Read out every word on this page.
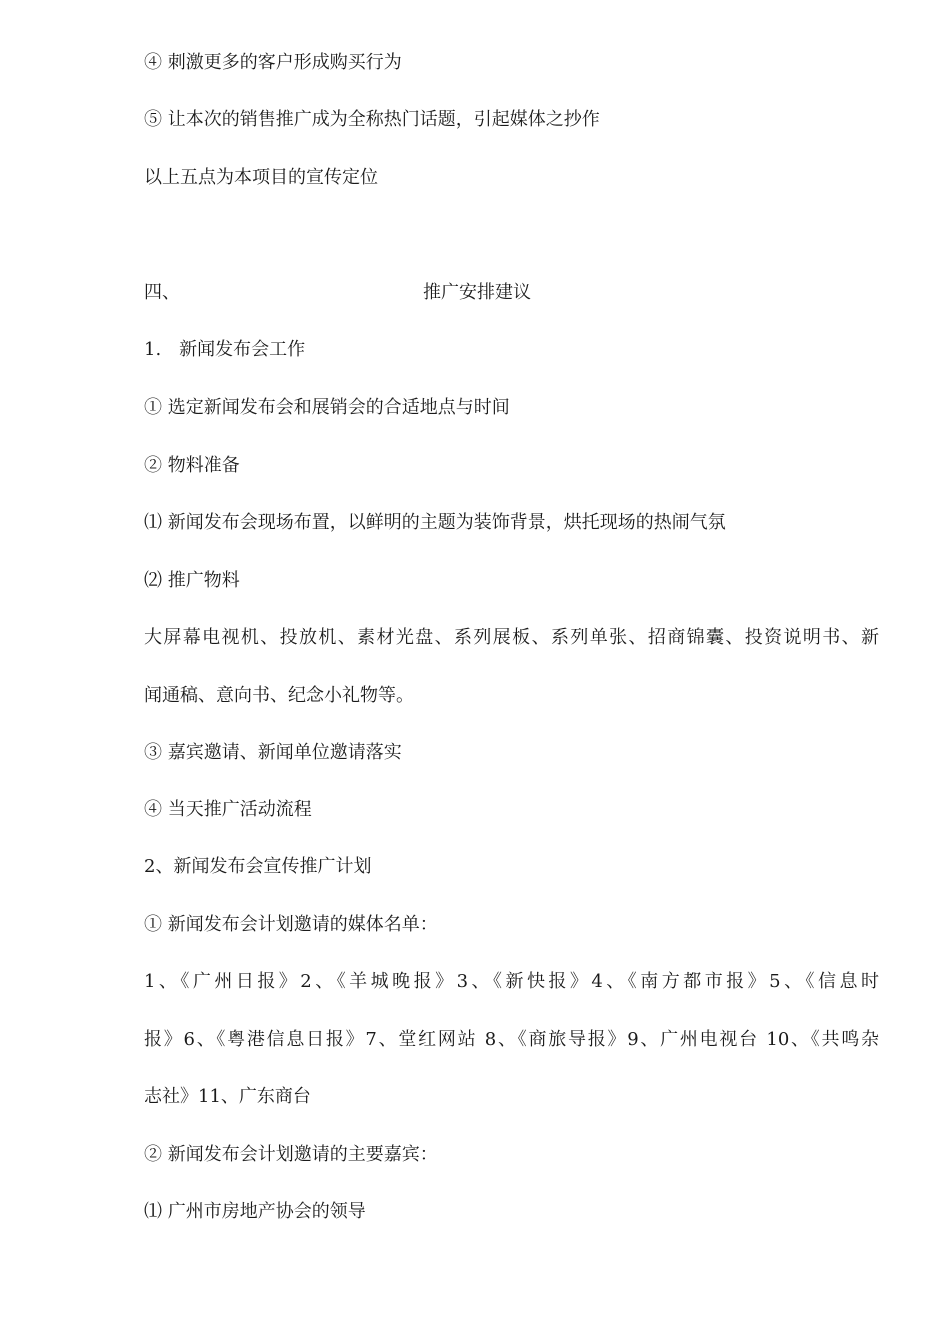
④ 刺激更多的客户形成购买行为
⑤ 让本次的销售推广成为全称热门话题，引起媒体之抄作
以上五点为本项目的宣传定位
四、	推广安排建议
1.　新闻发布会工作
① 选定新闻发布会和展销会的合适地点与时间
② 物料准备
⑴ 新闻发布会现场布置，以鲜明的主题为装饰背景，烘托现场的热闹气氛
⑵ 推广物料
大屏幕电视机、投放机、素材光盘、系列展板、系列单张、招商锦囊、投资说明书、新
闻通稿、意向书、纪念小礼物等。
③ 嘉宾邀请、新闻单位邀请落实
④ 当天推广活动流程
2、新闻发布会宣传推广计划
① 新闻发布会计划邀请的媒体名单：
1、《广州日报》2、《羊城晚报》3、《新快报》4、《南方都市报》5、《信息时
报》6、《粤港信息日报》7、堂红网站 8、《商旅导报》9、广州电视台 10、《共鸣杂
志社》11、广东商台
② 新闻发布会计划邀请的主要嘉宾：
⑴ 广州市房地产协会的领导
